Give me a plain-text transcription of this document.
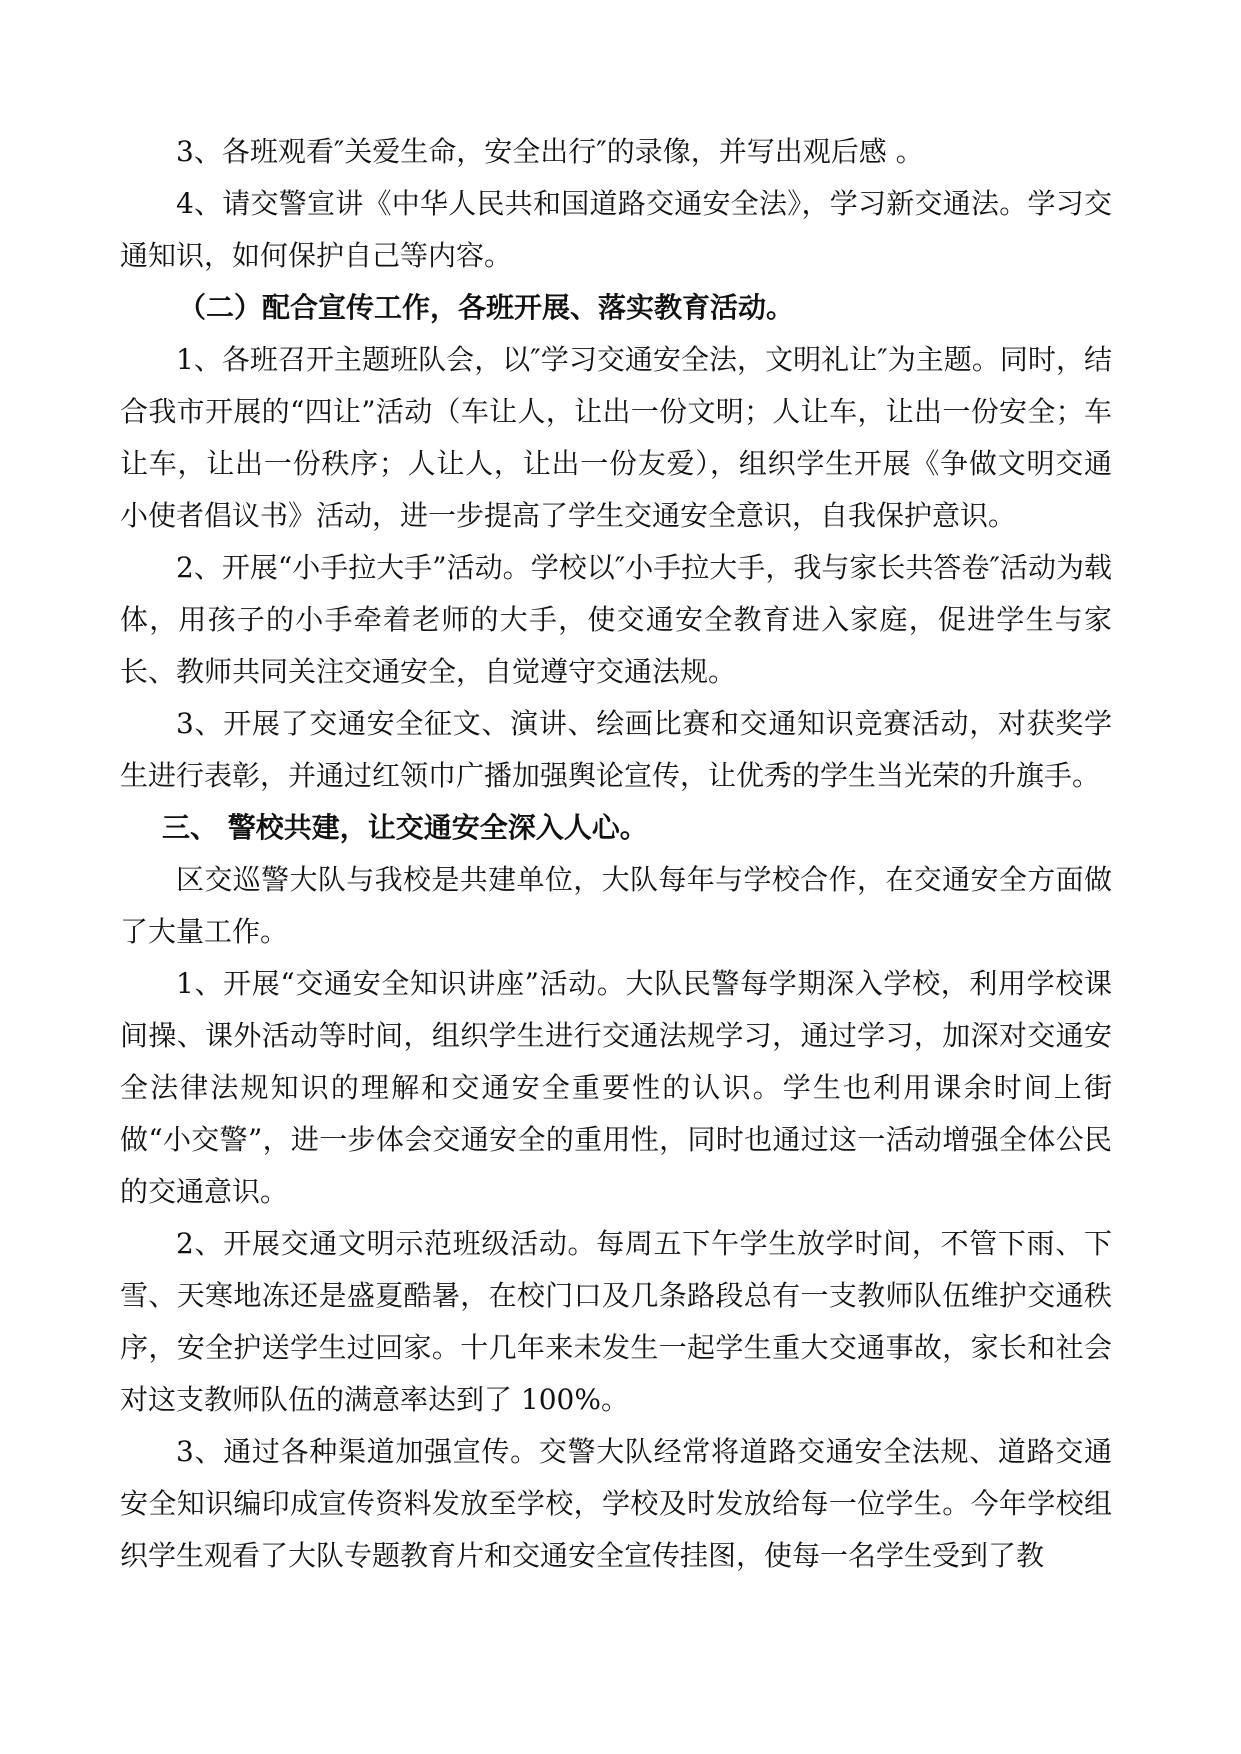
3、各班观看″关爱生命，安全出行″的录像，并写出观后感 。

4、请交警宣讲《中华人民共和国道路交通安全法》，学习新交通法。学习交通知识，如何保护自己等内容。

（二）配合宣传工作，各班开展、落实教育活动。

1、各班召开主题班队会，以″学习交通安全法，文明礼让″为主题。同时，结合我市开展的“四让”活动（车让人，让出一份文明；人让车，让出一份安全；车让车，让出一份秩序；人让人，让出一份友爱），组织学生开展《争做文明交通小使者倡议书》活动，进一步提高了学生交通安全意识，自我保护意识。

2、开展“小手拉大手”活动。学校以″小手拉大手，我与家长共答卷″活动为载体，用孩子的小手牵着老师的大手，使交通安全教育进入家庭，促进学生与家长、教师共同关注交通安全，自觉遵守交通法规。

3、开展了交通安全征文、演讲、绘画比赛和交通知识竞赛活动，对获奖学生进行表彰，并通过红领巾广播加强舆论宣传，让优秀的学生当光荣的升旗手。

三、 警校共建，让交通安全深入人心。

区交巡警大队与我校是共建单位，大队每年与学校合作，在交通安全方面做了大量工作。

1、开展“交通安全知识讲座”活动。大队民警每学期深入学校，利用学校课间操、课外活动等时间，组织学生进行交通法规学习，通过学习，加深对交通安全法律法规知识的理解和交通安全重要性的认识。学生也利用课余时间上街做“小交警”，进一步体会交通安全的重用性，同时也通过这一活动增强全体公民的交通意识。

2、开展交通文明示范班级活动。每周五下午学生放学时间，不管下雨、下雪、天寒地冻还是盛夏酷暑，在校门口及几条路段总有一支教师队伍维护交通秩序，安全护送学生过回家。十几年来未发生一起学生重大交通事故，家长和社会对这支教师队伍的满意率达到了 100%。

3、通过各种渠道加强宣传。交警大队经常将道路交通安全法规、道路交通安全知识编印成宣传资料发放至学校，学校及时发放给每一位学生。今年学校组织学生观看了大队专题教育片和交通安全宣传挂图，使每一名学生受到了教
